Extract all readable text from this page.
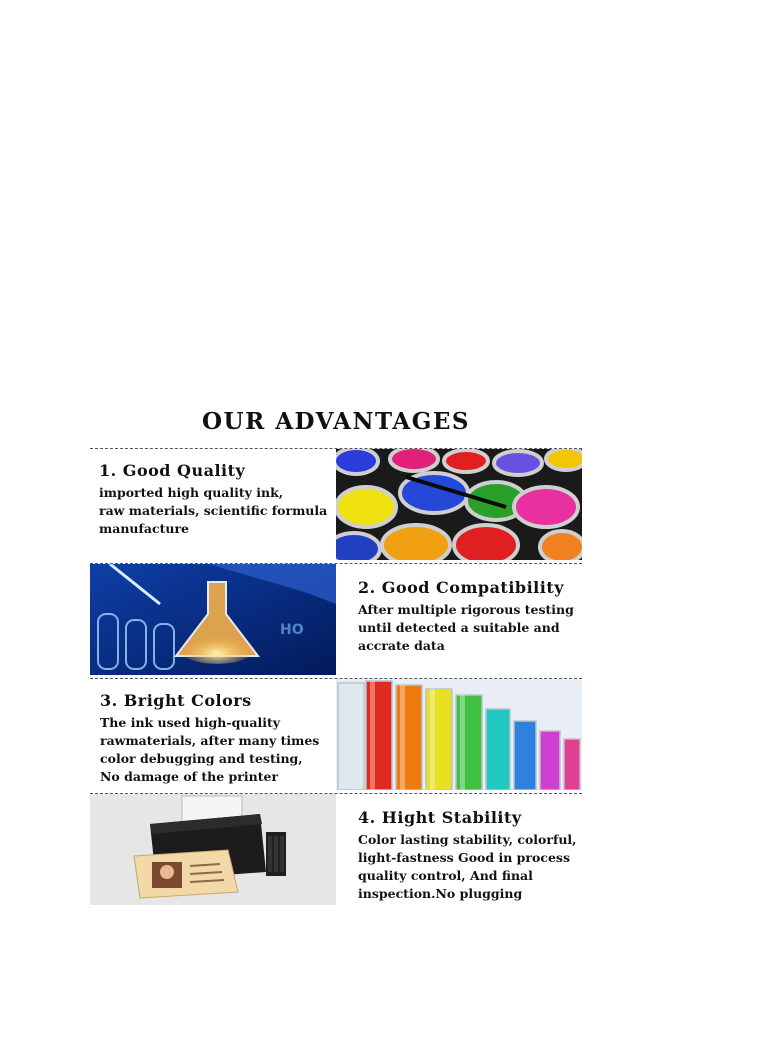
OUR ADVANTAGES
1. Good Quality

imported high quality ink,
raw materials, scientific formula
manufacture

HO
2. Good Compatibility

After multiple rigorous testing
until detected a suitable and
accrate data

3. Bright Colors

The ink used high-quality
rawmaterials, after many times
color debugging and testing,
No damage of the printer

4. Hight Stability

Color lasting stability, colorful,
light-fastness Good in process
quality control, And final
inspection.No plugging
